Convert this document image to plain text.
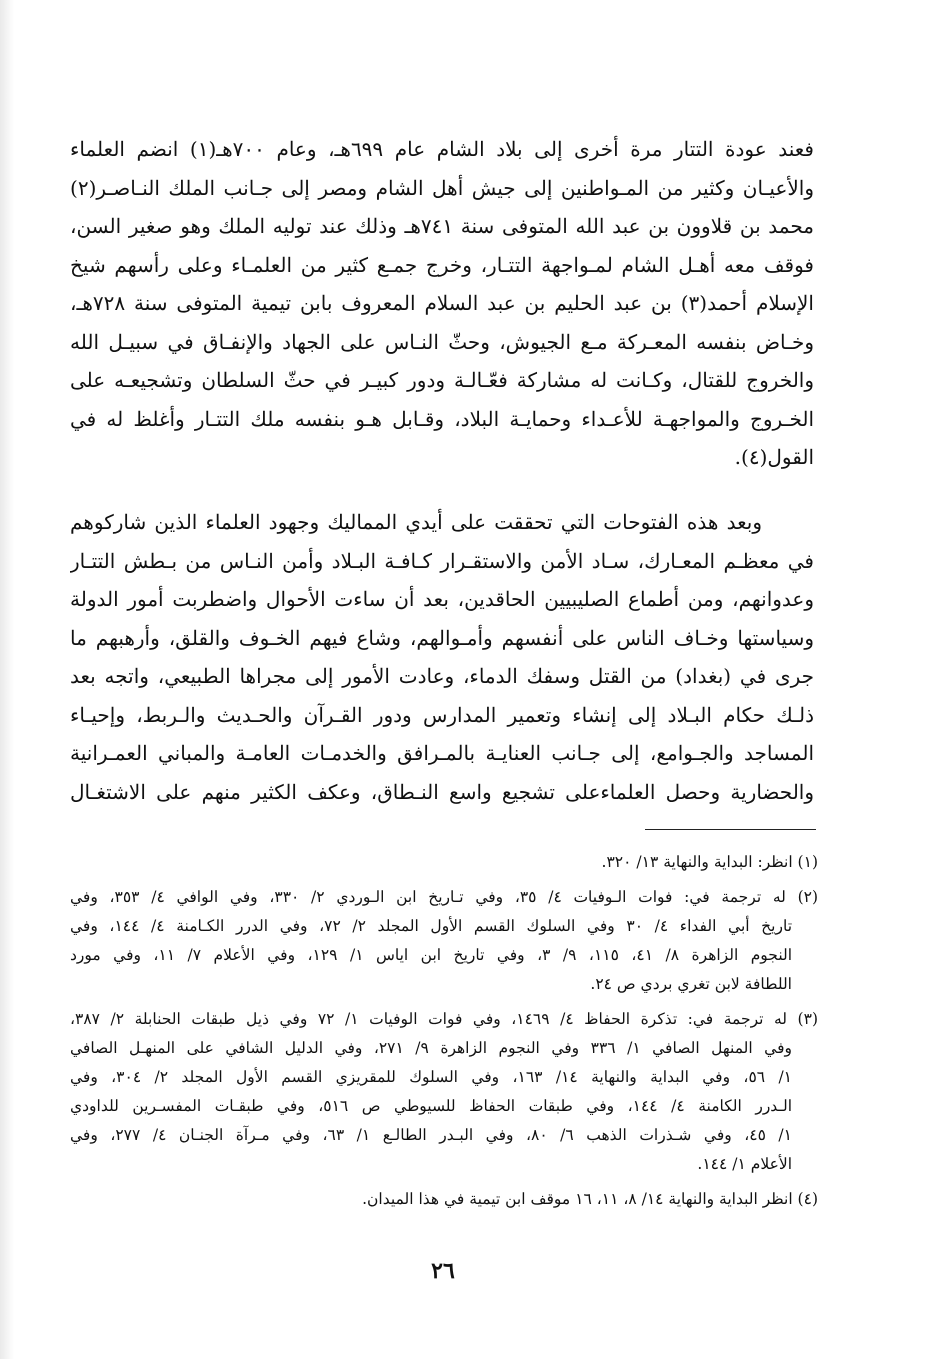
فعند عودة التتار مرة أخرى إلى بلاد الشام عام ٦٩٩هـ، وعام ٧٠٠هـ(١) انضم العلماء
والأعيـان وكثير من المـواطنين إلى جيش أهل الشام ومصر إلى جـانب الملك النـاصـر(٢)
محمد بن قلاوون بن عبد الله المتوفى سنة ٧٤١هـ وذلك عند توليه الملك وهو صغير السن،
فوقف معه أهـل الشام لمـواجهة التتـار، وخرج جمـع كثير من العلمـاء وعلى رأسهم شيخ
الإسلام أحمد(٣) بن عبد الحليم بن عبد السلام المعروف بابن تيمية المتوفى سنة ٧٢٨هـ،
وخـاض بنفسه المعـركة مـع الجيوش، وحثّ النـاس على الجهاد والإنفـاق في سبيـل الله
والخروج للقتال، وكـانت له مشاركة فعّـالـة ودور كبيـر في حثّ السلطان وتشجيعـه على
الخـروج والمواجهـة للأعـداء وحمايـة البلاد، وقـابل هـو بنفسه ملك التتـار وأغلظ له في
القول(٤).
وبعد هذه الفتوحات التي تحققت على أيدي المماليك وجهود العلماء الذين شاركوهم
في معظـم المعـارك، سـاد الأمن والاستقـرار كـافـة البـلاد وأمن النـاس من بـطش التتـار
وعدوانهم، ومن أطماع الصليبيين الحاقدين، بعد أن ساءت الأحوال واضطربت أمور الدولة
وسياستها وخـاف الناس على أنفسهم وأمـوالهم، وشاع فيهم الخـوف والقلق، وأرهبهم ما
جرى في (بغداد) من القتل وسفك الدماء، وعادت الأمور إلى مجراها الطبيعي، واتجه بعد
ذلـك حكام البـلاد إلى إنشاء وتعمير المدارس ودور القـرآن والحـديث والـربط، وإحيـاء
المساجد والجـوامع، إلى جـانب العنايـة بالمـرافق والخدمـات العامـة والمباني العمـرانية
والحضارية وحصل العلماءعلى تشجيع واسع النـطاق، وعكف الكثير منهم على الاشتغـال
(١) انظر: البداية والنهاية ١٣/ ٣٢٠.
(٢) له ترجمة في: فوات الـوفيات ٤/ ٣٥، وفي تـاريخ ابن الـوردي ٢/ ٣٣٠، وفي الوافي ٤/ ٣٥٣، وفي
تاريخ أبي الفداء ٤/ ٣٠ وفي السلوك القسم الأول المجلد ٢/ ٧٢، وفي الدرر الكـامنة ٤/ ١٤٤، وفي
النجوم الزاهرة ٨/ ٤١، ١١٥، ٩/ ٣، وفي تاريخ ابن اياس ١/ ١٢٩، وفي الأعلام ٧/ ١١، وفي مورد
اللطافة لابن تغري بردي ص ٢٤.
(٣) له ترجمة في: تذكرة الحفاظ ٤/ ١٤٦٩، وفي فوات الوفيات ١/ ٧٢ وفي ذيل طبقات الحنابلة ٢/ ٣٨٧،
وفي المنهل الصافي ١/ ٣٣٦ وفي النجوم الزاهرة ٩/ ٢٧١، وفي الدليل الشافي على المنهـل الصافي
١/ ٥٦، وفي البداية والنهاية ١٤/ ١٦٣، وفي السلوك للمقريزي القسم الأول المجلد ٢/ ٣٠٤، وفي
الـدرر الكامنة ٤/ ١٤٤، وفي طبقات الحفاظ للسيوطي ص ٥١٦، وفي طبقـات المفسـرين للداودي
١/ ٤٥، وفي شـذرات الذهب ٦/ ٨٠، وفي البـدر الطالـع ١/ ٦٣، وفي مـرآة الجنـان ٤/ ٢٧٧، وفي
الأعلام ١/ ١٤٤.
(٤) انظر البداية والنهاية ١٤/ ٨، ١١، ١٦ موقف ابن تيمية في هذا الميدان.
٢٦
